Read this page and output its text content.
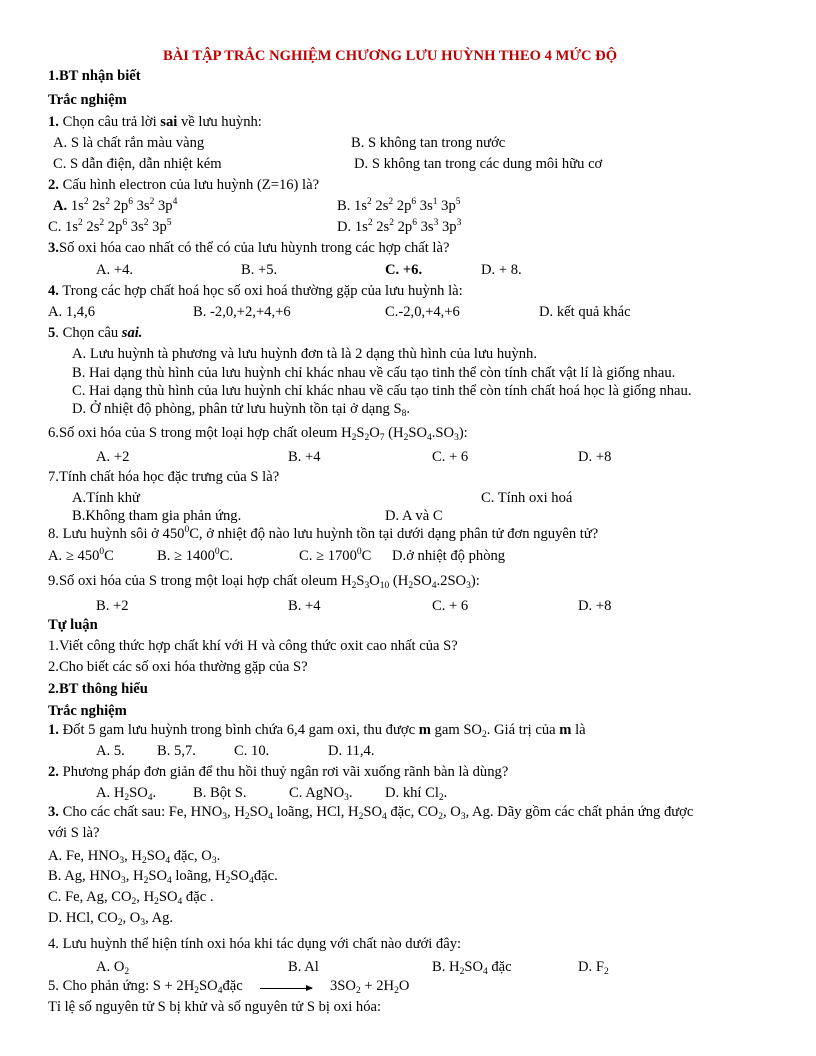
BÀI TẬP TRẮC NGHIỆM CHƯƠNG LƯU HUỲNH THEO 4 MỨC ĐỘ
1.BT nhận biết
Trắc nghiệm
1. Chọn câu trả lời sai về lưu huỳnh:
A. S là chất rắn màu vàng	B. S không tan trong nước
C. S dẫn điện, dẫn nhiệt kém	D. S không tan trong các dung môi hữu cơ
2. Cấu hình electron của lưu huỳnh (Z=16) là?
A. $1s^2$ $2s^2$ $2p^6$ $3s^2$ $3p^4$	B. $1s^2$ $2s^2$ $2p^6$ $3s^1$ $3p^5$
C. $1s^2$ $2s^2$ $2p^6$ $3s^2$ $3p^5$	D. $1s^2$ $2s^2$ $2p^6$ $3s^3$ $3p^3$
3.Số oxi hóa cao nhất có thể có của lưu hùynh trong các hợp chất là?
A. +4.	B. +5.	C. +6.	D. + 8.
4. Trong các hợp chất hoá học số oxi hoá thường gặp của lưu huỳnh là:
A. 1,4,6	B. -2,0,+2,+4,+6	C.-2,0,+4,+6	D. kết quả khác
5. Chọn câu sai.
A. Lưu huỳnh tà phương và lưu huỳnh đơn tà là 2 dạng thù hình của lưu huỳnh.
B. Hai dạng thù hình của lưu huỳnh chỉ khác nhau về cấu tạo tinh thể còn tính chất vật lí là giống nhau.
C. Hai dạng thù hình của lưu huỳnh chỉ khác nhau về cấu tạo tinh thể còn tính chất hoá học là giống nhau.
D. Ở nhiệt độ phòng, phân tử lưu huỳnh tồn tại ở dạng $S_8$.
6.Số oxi hóa của S trong một loại hợp chất oleum $H_2S_2O_7$ $(H_2SO_4.SO_3)$:
A. +2	B. +4	C. + 6	D. +8
7.Tính chất hóa học đặc trưng của S là?
A.Tính khử	C. Tính oxi hoá
B.Không tham gia phản ứng.	D. A và C
8. Lưu huỳnh sôi ở $450^0C$, ở nhiệt độ nào lưu huỳnh tồn tại dưới dạng phân tử đơn nguyên tử?
A. ≥ $450^0C$	B. ≥ $1400^0C$.	C. ≥ $1700^0C$ D.ở nhiệt độ phòng
9.Số oxi hóa của S trong một loại hợp chất oleum $H_2S_3O_{10}$ $(H_2SO_4.2SO_3)$:
B. +2	B. +4	C. + 6	D. +8
Tự luận
1.Viết công thức hợp chất khí với H và công thức oxit cao nhất của S?
2.Cho biết các số oxi hóa thường gặp của S?
2.BT thông hiểu
Trắc nghiệm
1. Đốt 5 gam lưu huỳnh trong bình chứa 6,4 gam oxi, thu được m gam $SO_2$. Giá trị của m là
A. 5. B. 5,7.	C. 10.	D. 11,4.
2. Phương pháp đơn giản để thu hồi thuỷ ngân rơi vãi xuống rãnh bàn là dùng?
A. $H_2SO_4$.	B. Bột S.	C. AgNO$_3$. D. khí $Cl_2$.
3. Cho các chất sau: Fe, $HNO_3$, $H_2SO_4$ loãng, HCl, $H_2SO_4$ đặc, $CO_2$, $O_3$, Ag. Dãy gồm các chất phản ứng được
với S là?
A. Fe, $HNO_3$, $H_2SO_4$ đặc, $O_3$.
B. Ag, $HNO_3$, $H_2SO_4$ loãng, $H_2SO_4đặc$.
C. Fe, Ag, $CO_2$, $H_2SO_4$ đặc .
D. HCl, $CO_2$, $O_3$, Ag.
4. Lưu huỳnh thể hiện tính oxi hóa khi tác dụng với chất nào dưới đây:
A. $O_2$	B. Al	B. $H_2SO_4$ đặc	D. $F_2$
5. Cho phản ứng: $S + 2H_2SO_4đặc \to 3SO_2 + 2H_2O$
Tỉ lệ số nguyên tử S bị khử và số nguyên tử S bị oxi hóa:
